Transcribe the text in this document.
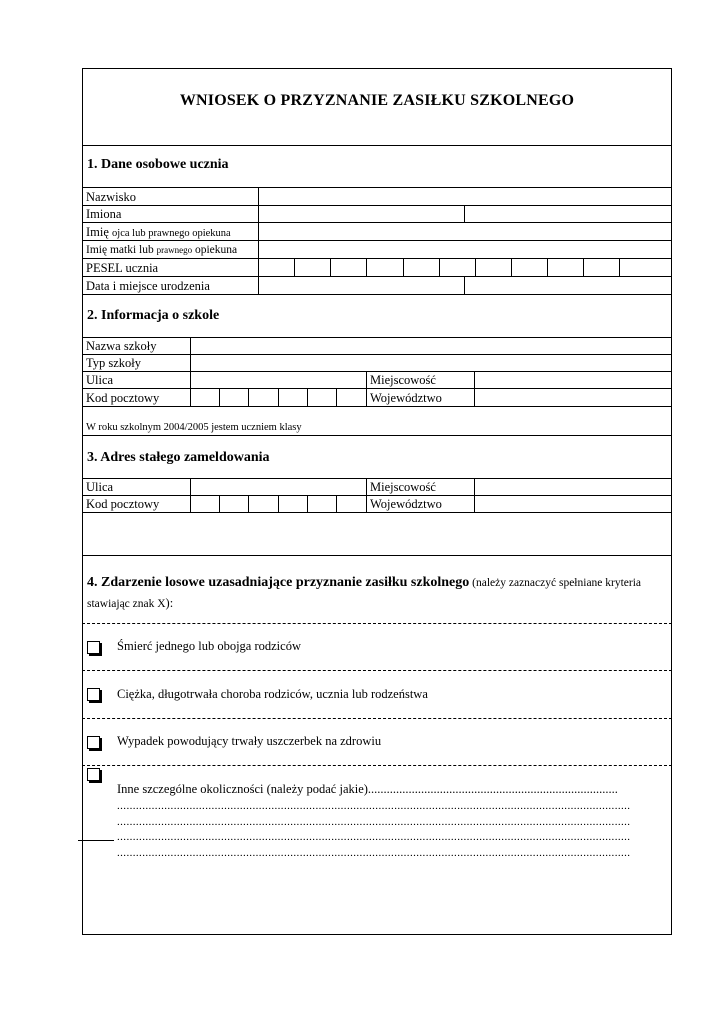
WNIOSEK O PRZYZNANIE ZASIŁKU SZKOLNEGO
1. Dane osobowe ucznia
Nazwisko
Imiona
Imię ojca lub prawnego opiekuna
Imię matki lub prawnego opiekuna
PESEL ucznia
Data i miejsce urodzenia
2. Informacja o szkole
Nazwa szkoły
Typ szkoły
Ulica	Miejscowość
Kod pocztowy	Województwo
W roku szkolnym 2004/2005 jestem uczniem klasy
3. Adres stałego zameldowania
Ulica	Miejscowość
Kod pocztowy	Województwo
4. Zdarzenie losowe uzasadniające przyznanie zasiłku szkolnego (należy zaznaczyć spełniane kryteria
stawiając znak X):
Śmierć jednego lub obojga rodziców
Ciężka, długotrwała choroba rodziców, ucznia lub rodzeństwa
Wypadek powodujący trwały uszczerbek na zdrowiu
Inne szczególne okoliczności (należy podać jakie)................................................................................
...................................................................................................................................................................
...................................................................................................................................................................
...................................................................................................................................................................
...................................................................................................................................................................
